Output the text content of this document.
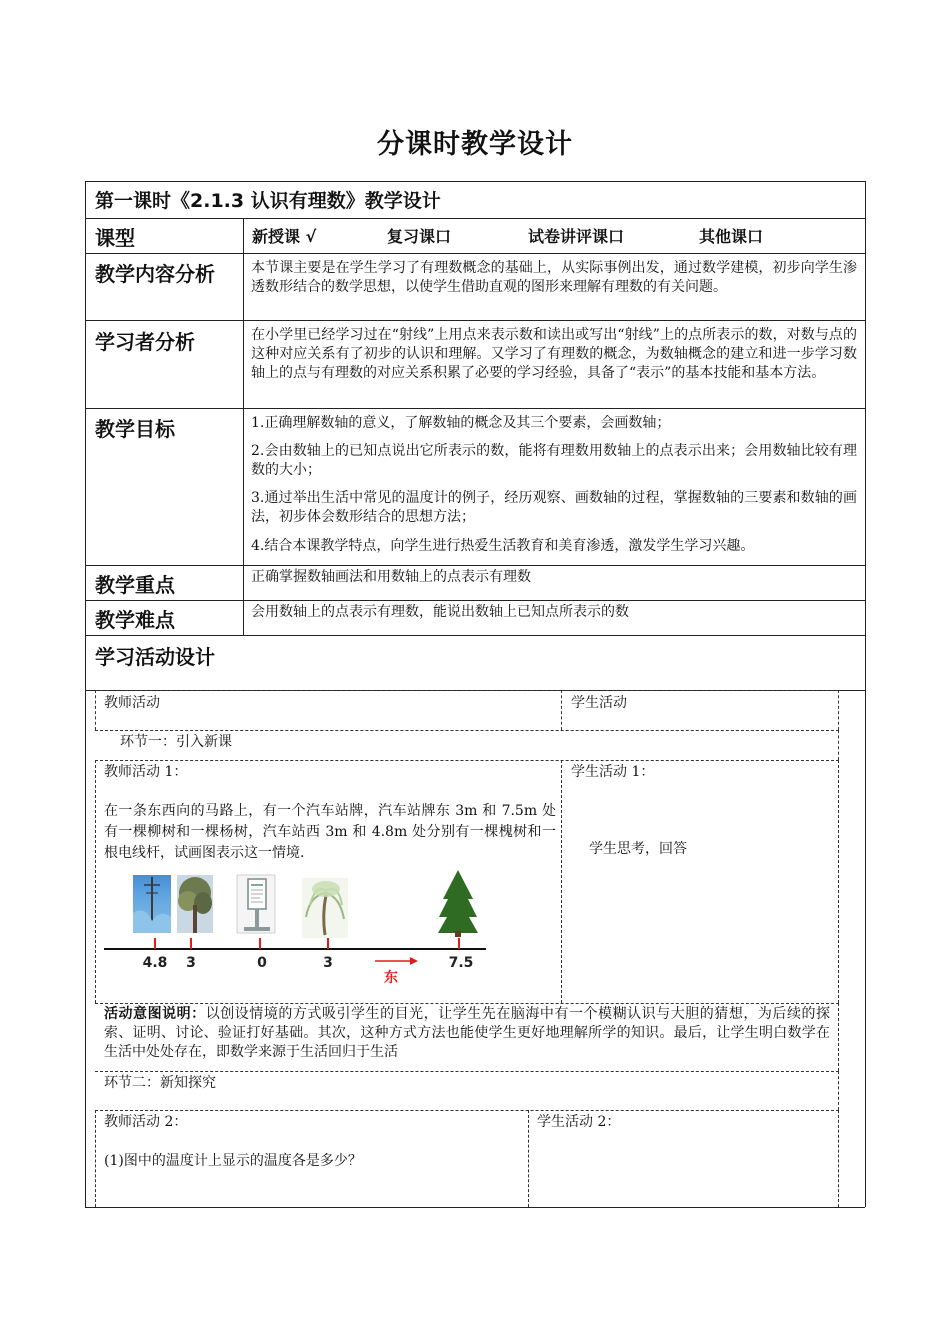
分课时教学设计
第一课时《2.1.3 认识有理数》教学设计
课型	新授课 √	复习课口	试卷讲评课口	其他课口
教学内容分析	本节课主要是在学生学习了有理数概念的基础上，从实际事例出发，通过数学建模，初步向学生渗透数形结合的数学思想，以使学生借助直观的图形来理解有理数的有关问题。
学习者分析	在小学里已经学习过在“射线”上用点来表示数和读出或写出“射线”上的点所表示的数，对数与点的这种对应关系有了初步的认识和理解。又学习了有理数的概念，为数轴概念的建立和进一步学习数轴上的点与有理数的对应关系积累了必要的学习经验，具备了“表示”的基本技能和基本方法。
教学目标	1.正确理解数轴的意义，了解数轴的概念及其三个要素，会画数轴；
2.会由数轴上的已知点说出它所表示的数，能将有理数用数轴上的点表示出来；会用数轴比较有理数的大小；
3.通过举出生活中常见的温度计的例子，经历观察、画数轴的过程，掌握数轴的三要素和数轴的画法，初步体会数形结合的思想方法；
4.结合本课教学特点，向学生进行热爱生活教育和美育渗透，激发学生学习兴趣。
教学重点	正确掌握数轴画法和用数轴上的点表示有理数
教学难点	会用数轴上的点表示有理数，能说出数轴上已知点所表示的数
学习活动设计
教师活动	学生活动
环节一：引入新课
教师活动 1：
在一条东西向的马路上，有一个汽车站牌，汽车站牌东 3m 和 7.5m 处有一棵柳树和一棵杨树，汽车站西 3m 和 4.8m 处分别有一棵槐树和一根电线杆，试画图表示这一情境.
学生活动 1：
学生思考，回答
4.8 3	0	3	7.5
东
活动意图说明：以创设情境的方式吸引学生的目光，让学生先在脑海中有一个模糊认识与大胆的猜想，为后续的探索、证明、讨论、验证打好基础。其次，这种方式方法也能使学生更好地理解所学的知识。最后，让学生明白数学在生活中处处存在，即数学来源于生活回归于生活
环节二：新知探究
教师活动 2：
(1)图中的温度计上显示的温度各是多少？
学生活动 2：
